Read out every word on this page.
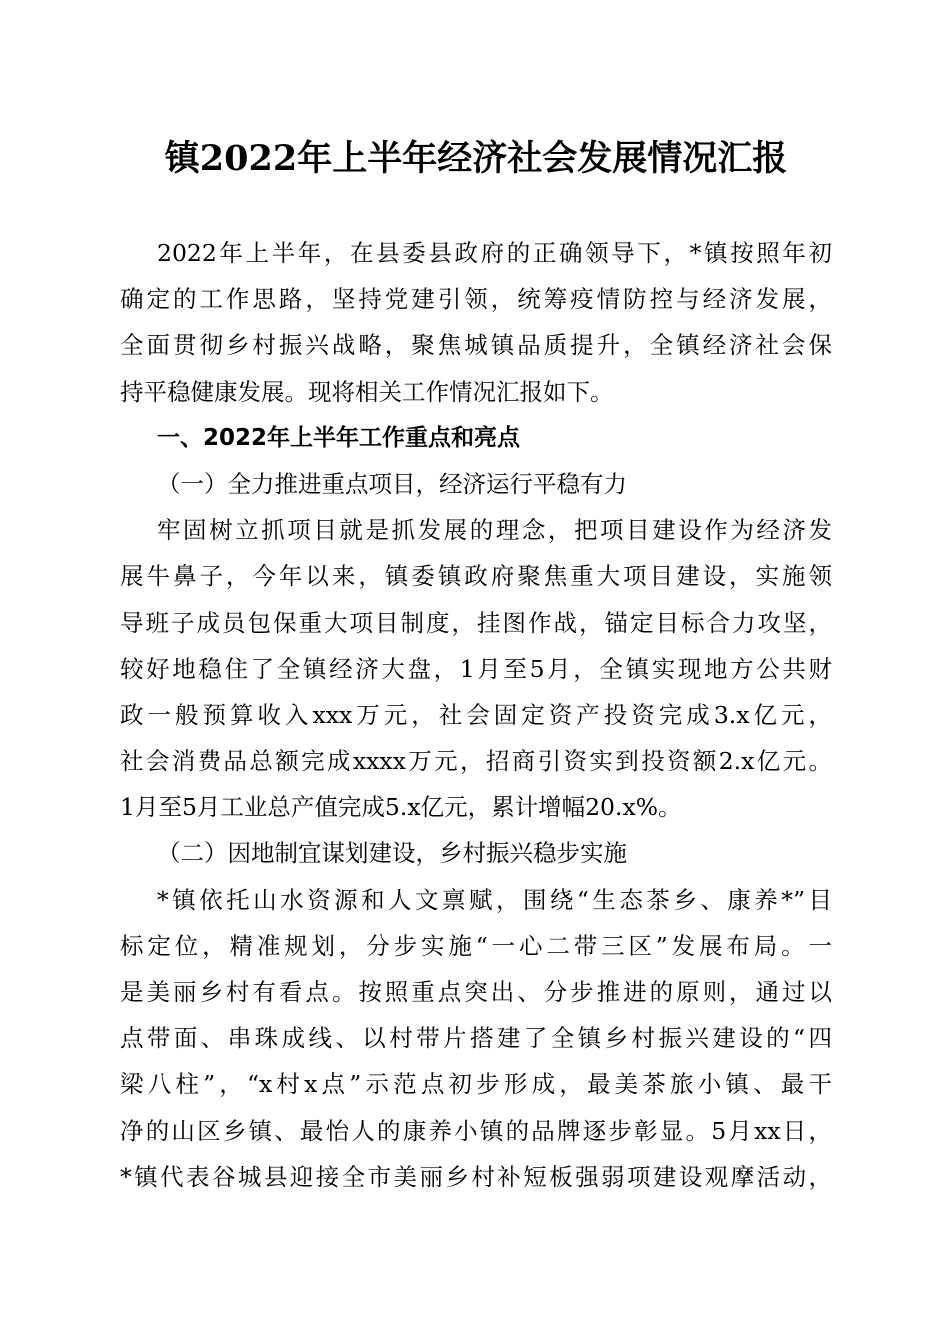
镇2022年上半年经济社会发展情况汇报
2022年上半年，在县委县政府的正确领导下，*镇按照年初
确定的工作思路，坚持党建引领，统筹疫情防控与经济发展，
全面贯彻乡村振兴战略，聚焦城镇品质提升，全镇经济社会保
持平稳健康发展。现将相关工作情况汇报如下。
一、2022年上半年工作重点和亮点
（一）全力推进重点项目，经济运行平稳有力
牢固树立抓项目就是抓发展的理念，把项目建设作为经济发
展牛鼻子，今年以来，镇委镇政府聚焦重大项目建设，实施领
导班子成员包保重大项目制度，挂图作战，锚定目标合力攻坚，
较好地稳住了全镇经济大盘，1月至5月，全镇实现地方公共财
政一般预算收入xxx万元，社会固定资产投资完成3.x亿元，
社会消费品总额完成xxxx万元，招商引资实到投资额2.x亿元。
1月至5月工业总产值完成5.x亿元，累计增幅20.x%。
（二）因地制宜谋划建设，乡村振兴稳步实施
*镇依托山水资源和人文禀赋，围绕“生态茶乡、康养*”目
标定位，精准规划，分步实施“一心二带三区”发展布局。一
是美丽乡村有看点。按照重点突出、分步推进的原则，通过以
点带面、串珠成线、以村带片搭建了全镇乡村振兴建设的“四
梁八柱”，“x村x点”示范点初步形成，最美茶旅小镇、最干
净的山区乡镇、最怡人的康养小镇的品牌逐步彰显。5月xx日，
*镇代表谷城县迎接全市美丽乡村补短板强弱项建设观摩活动，
